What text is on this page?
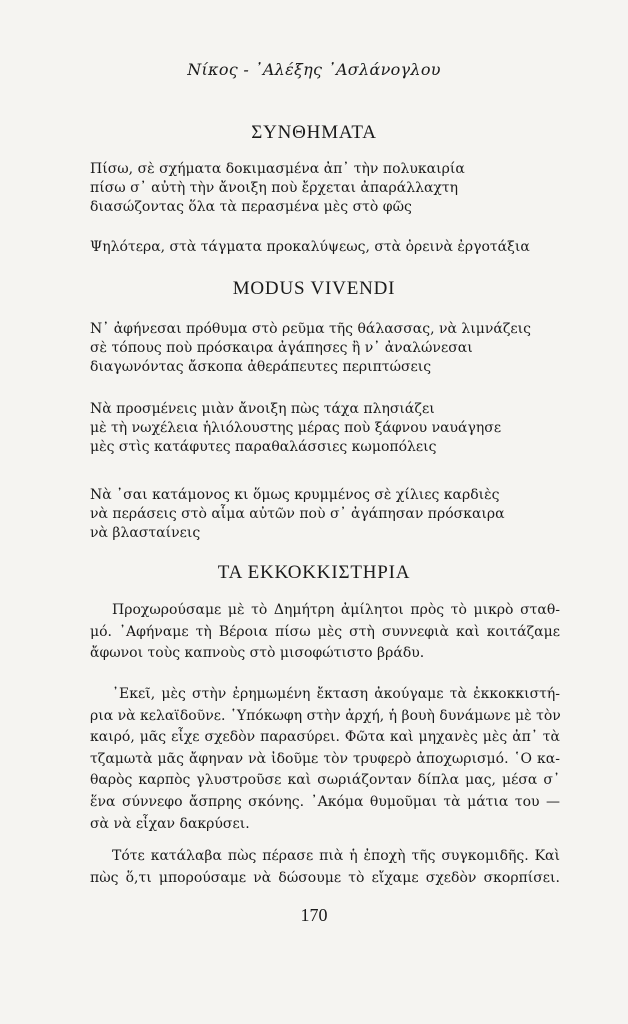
Νίκος - ᾿Αλέξης ᾿Ασλάνογλου
ΣΥΝΘΗΜΑΤΑ
Πίσω, σὲ σχήματα δοκιμασμένα ἀπ᾿ τὴν πολυκαιρία
πίσω σ᾿ αὐτὴ τὴν ἄνοιξη ποὺ ἔρχεται ἀπαράλλαχτη
διασώζοντας ὅλα τὰ περασμένα μὲς στὸ φῶς
Ψηλότερα, στὰ τάγματα προκαλύψεως, στὰ ὀρεινὰ ἐργοτάξια
MODUS VIVENDI
Ν᾿ ἀφήνεσαι πρόθυμα στὸ ρεῦμα τῆς θάλασσας, νὰ λιμνάζεις
σὲ τόπους ποὺ πρόσκαιρα ἀγάπησες ἢ ν᾿ ἀναλώνεσαι
διαγωνόντας ἄσκοπα ἀθεράπευτες περιπτώσεις
Νὰ προσμένεις μιὰν ἄνοιξη πὼς τάχα πλησιάζει
μὲ τὴ νωχέλεια ἡλιόλουστης μέρας ποὺ ξάφνου ναυάγησε
μὲς στὶς κατάφυτες παραθαλάσσιες κωμοπόλεις
Νὰ ᾿σαι κατάμονος κι ὅμως κρυμμένος σὲ χίλιες καρδιὲς
νὰ περάσεις στὸ αἷμα αὐτῶν ποὺ σ᾿ ἀγάπησαν πρόσκαιρα
νὰ βλασταίνεις
ΤΑ ΕΚΚΟΚΚΙΣΤΗΡΙΑ
Προχωρούσαμε μὲ τὸ Δημήτρη ἀμίλητοι πρὸς τὸ μικρὸ σταθ-
μό. ᾿Αφήναμε τὴ Βέροια πίσω μὲς στὴ συννεφιὰ καὶ κοιτάζαμε
ἄφωνοι τοὺς καπνοὺς στὸ μισοφώτιστο βράδυ.
᾿Εκεῖ, μὲς στὴν ἐρημωμένη ἔκταση ἀκούγαμε τὰ ἐκκοκκιστή-
ρια νὰ κελαϊδοῦνε. ῾Υπόκωφη στὴν ἀρχή, ἡ βουὴ δυνάμωνε μὲ τὸν
καιρό, μᾶς εἶχε σχεδὸν παρασύρει. Φῶτα καὶ μηχανὲς μὲς ἀπ᾿ τὰ
τζαμωτὰ μᾶς ἄφηναν νὰ ἰδοῦμε τὸν τρυφερὸ ἀποχωρισμό. ῾Ο κα-
θαρὸς καρπὸς γλυστροῦσε καὶ σωριάζονταν δίπλα μας, μέσα σ᾿
ἕνα σύννεφο ἄσπρης σκόνης. ᾿Ακόμα θυμοῦμαι τὰ μάτια του —
σὰ νὰ εἶχαν δακρύσει.
Τότε κατάλαβα πὼς πέρασε πιὰ ἡ ἐποχὴ τῆς συγκομιδῆς. Καὶ
πὼς ὅ,τι μπορούσαμε νὰ δώσουμε τὸ εἴχαμε σχεδὸν σκορπίσει.
170
